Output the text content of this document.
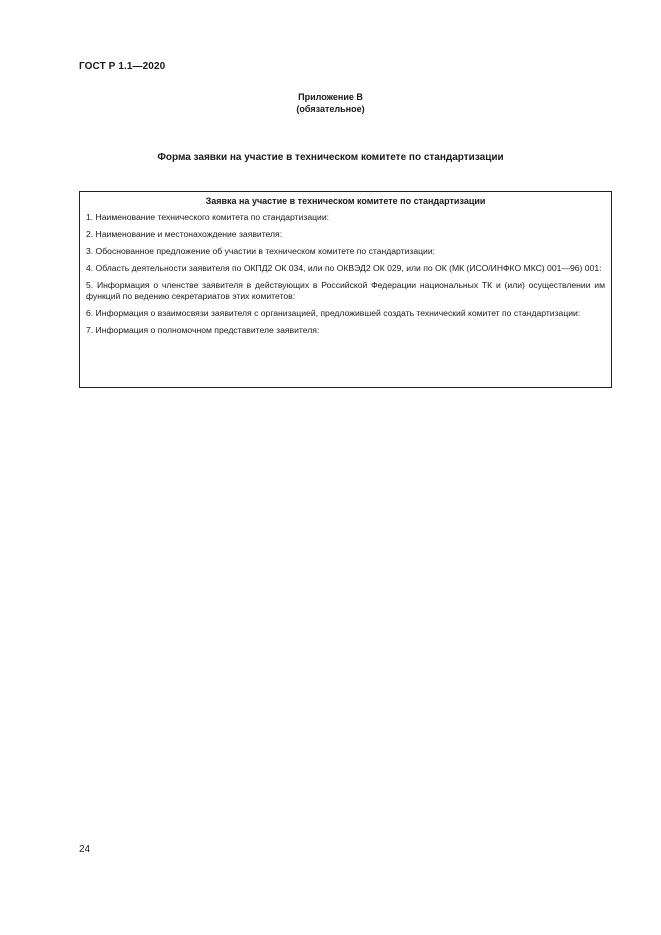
ГОСТ Р 1.1—2020
Приложение В
(обязательное)
Форма заявки на участие в техническом комитете по стандартизации
Заявка на участие в техническом комитете по стандартизации
1. Наименование технического комитета по стандартизации:
2. Наименование и местонахождение заявителя:
3. Обоснованное предложение об участии в техническом комитете по стандартизации:
4. Область деятельности заявителя по ОКПД2 ОК 034, или по ОКВЭД2 ОК 029, или по ОК (МК (ИСО/ИНФКО МКС) 001—96) 001:
5. Информация о членстве заявителя в действующих в Российской Федерации национальных ТК и (или) осуществлении им функций по ведению секретариатов этих комитетов:
6. Информация о взаимосвязи заявителя с организацией, предложившей создать технический комитет по стандартизации:
7. Информация о полномочном представителе заявителя:
24
